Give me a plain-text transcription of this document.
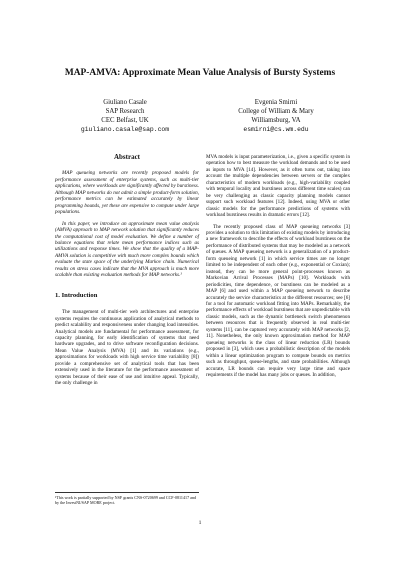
MAP-AMVA: Approximate Mean Value Analysis of Bursty Systems
Giuliano Casale
SAP Research
CEC Belfast, UK
giuliano.casale@sap.com
Evgenia Smirni
College of William & Mary
Williamsburg, VA
esmirni@cs.wm.edu
Abstract

MAP queueing networks are recently proposed models for performance assessment of enterprise systems, such as multi-tier applications, where workloads are significantly affected by burstiness. Although MAP networks do not admit a simple product-form solution, performance metrics can be estimated accurately by linear programming bounds, yet these are expensive to compute under large populations.

In this paper, we introduce an approximate mean value analysis (AMVA) approach to MAP network solution that significantly reduces the computational cost of model evaluation. We define a number of balance equations that relate mean performance indices such as utilizations and response times. We show that the quality of a MAP-AMVA solution is competitive with much more complex bounds which evaluate the state space of the underlying Markov chain. Numerical results on stress cases indicate that the MVA approach is much more scalable than existing evaluation methods for MAP networks.¹

1. Introduction

The management of multi-tier web architectures and enterprise systems requires the continuous application of analytical methods to predict scalability and responsiveness under changing load intensities. Analytical models are fundamental for performance assessment, for capacity planning, for early identification of systems that need hardware upgrades, and to drive software reconfiguration decisions. Mean Value Analysis (MVA) [1] and its variations (e.g., approximations for workloads with high service time variability [8]) provide a comprehensive set of analytical tools that has been extensively used in the literature for the performance assessment of systems because of their ease of use and intuitive appeal. Typically, the only challenge in

MVA models is input parameterization, i.e., given a specific system in operation how to best measure the workload demands and to be used as inputs to MVA [14]. However, as it often turns out, taking into account the multiple dependencies between servers or the complex characteristics of modern workloads (e.g., high-variability coupled with temporal locality and burstiness across different time scales) can be very challenging as classic capacity planning models cannot support such workload features [12]. Indeed, using MVA or other classic models for the performance predictions of systems with workload burstiness results in dramatic errors [12].

The recently proposed class of MAP queueing networks [3] provides a solution to this limitation of existing models by introducing a new framework to describe the effects of workload burstiness on the performance of distributed systems that may be modeled as a network of queues. A MAP queueing network is a generalization of a product-form queueing network [1] in which service times are no longer limited to be independent of each other (e.g., exponential or Coxian); instead, they can be more general point-processes known as Markovian Arrival Processes (MAPs) [10]. Workloads with periodicities, time dependence, or burstiness can be modeled as a MAP [6] and used within a MAP queueing network to describe accurately the service characteristics at the different resources; see [6] for a tool for automatic workload fitting into MAPs. Remarkably, the performance effects of workload burstiness that are unpredictable with classic models, such as the dynamic bottleneck switch phenomenon between resources that is frequently observed in real multi-tier systems [11], can be captured very accurately with MAP networks [2, 11]. Nonetheless, the only known approximation method for MAP queueing networks is the class of linear reduction (LR) bounds proposed in [3], which uses a probabilistic description of the models within a linear optimization program to compute bounds on metrics such as throughput, queue-lengths, and state probabilities. Although accurate, LR bounds can require very large time and space requirements if the model has many jobs or queues. In addition,

¹This work is partially supported by NSF grants CNS-0720699 and CCF-0811417 and by the InvestNI/SAP MORE project.
1
